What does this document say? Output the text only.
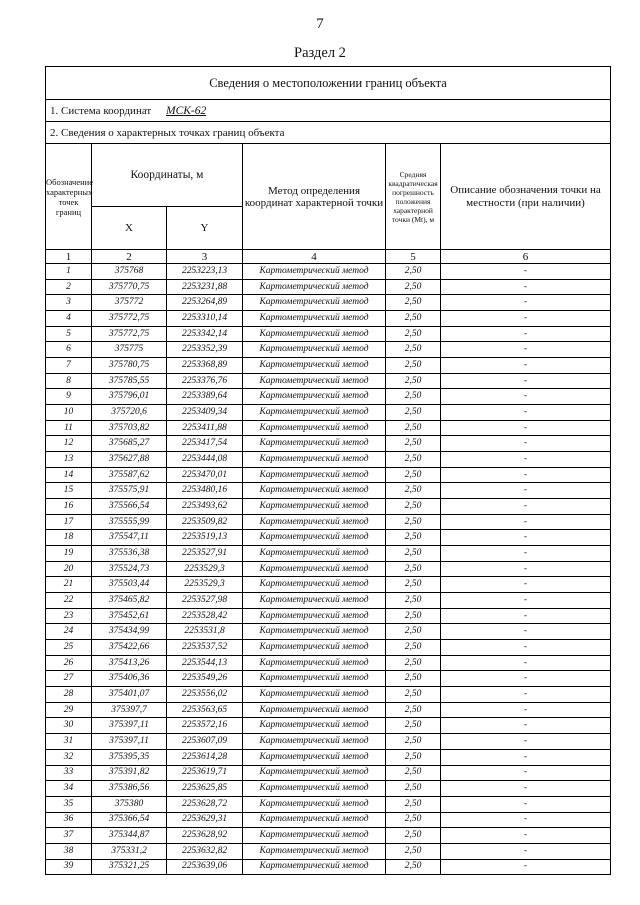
7
Раздел 2
Сведения о местоположении границ объекта					
1. Система координат МСК-62					
2. Сведения о характерных точках границ объекта					
Обозначение характерных точек границ	Координаты, м		Метод определения координат характерной точки	Средняя квадратическая погрешность положения характерной точки (Mt), м	Описание обозначения точки на местности (при наличии)
	X	Y			
1	2	3	4	5	6
1	375768	2253223,13	Картометрический метод	2,50	-
2	375770,75	2253231,88	Картометрический метод	2,50	-
3	375772	2253264,89	Картометрический метод	2,50	-
4	375772,75	2253310,14	Картометрический метод	2,50	-
5	375772,75	2253342,14	Картометрический метод	2,50	-
6	375775	2253352,39	Картометрический метод	2,50	-
7	375780,75	2253368,89	Картометрический метод	2,50	-
8	375785,55	2253376,76	Картометрический метод	2,50	-
9	375796,01	2253389,64	Картометрический метод	2,50	-
10	375720,6	2253409,34	Картометрический метод	2,50	-
11	375703,82	2253411,88	Картометрический метод	2,50	-
12	375685,27	2253417,54	Картометрический метод	2,50	-
13	375627,88	2253444,08	Картометрический метод	2,50	-
14	375587,62	2253470,01	Картометрический метод	2,50	-
15	375575,91	2253480,16	Картометрический метод	2,50	-
16	375566,54	2253493,62	Картометрический метод	2,50	-
17	375555,99	2253509,82	Картометрический метод	2,50	-
18	375547,11	2253519,13	Картометрический метод	2,50	-
19	375536,38	2253527,91	Картометрический метод	2,50	-
20	375524,73	2253529,3	Картометрический метод	2,50	-
21	375503,44	2253529,3	Картометрический метод	2,50	-
22	375465,82	2253527,98	Картометрический метод	2,50	-
23	375452,61	2253528,42	Картометрический метод	2,50	-
24	375434,99	2253531,8	Картометрический метод	2,50	-
25	375422,66	2253537,52	Картометрический метод	2,50	-
26	375413,26	2253544,13	Картометрический метод	2,50	-
27	375406,36	2253549,26	Картометрический метод	2,50	-
28	375401,07	2253556,02	Картометрический метод	2,50	-
29	375397,7	2253563,65	Картометрический метод	2,50	-
30	375397,11	2253572,16	Картометрический метод	2,50	-
31	375397,11	2253607,09	Картометрический метод	2,50	-
32	375395,35	2253614,28	Картометрический метод	2,50	-
33	375391,82	2253619,71	Картометрический метод	2,50	-
34	375386,56	2253625,85	Картометрический метод	2,50	-
35	375380	2253628,72	Картометрический метод	2,50	-
36	375366,54	2253629,31	Картометрический метод	2,50	-
37	375344,87	2253628,92	Картометрический метод	2,50	-
38	375331,2	2253632,82	Картометрический метод	2,50	-
39	375321,25	2253639,06	Картометрический метод	2,50	-
